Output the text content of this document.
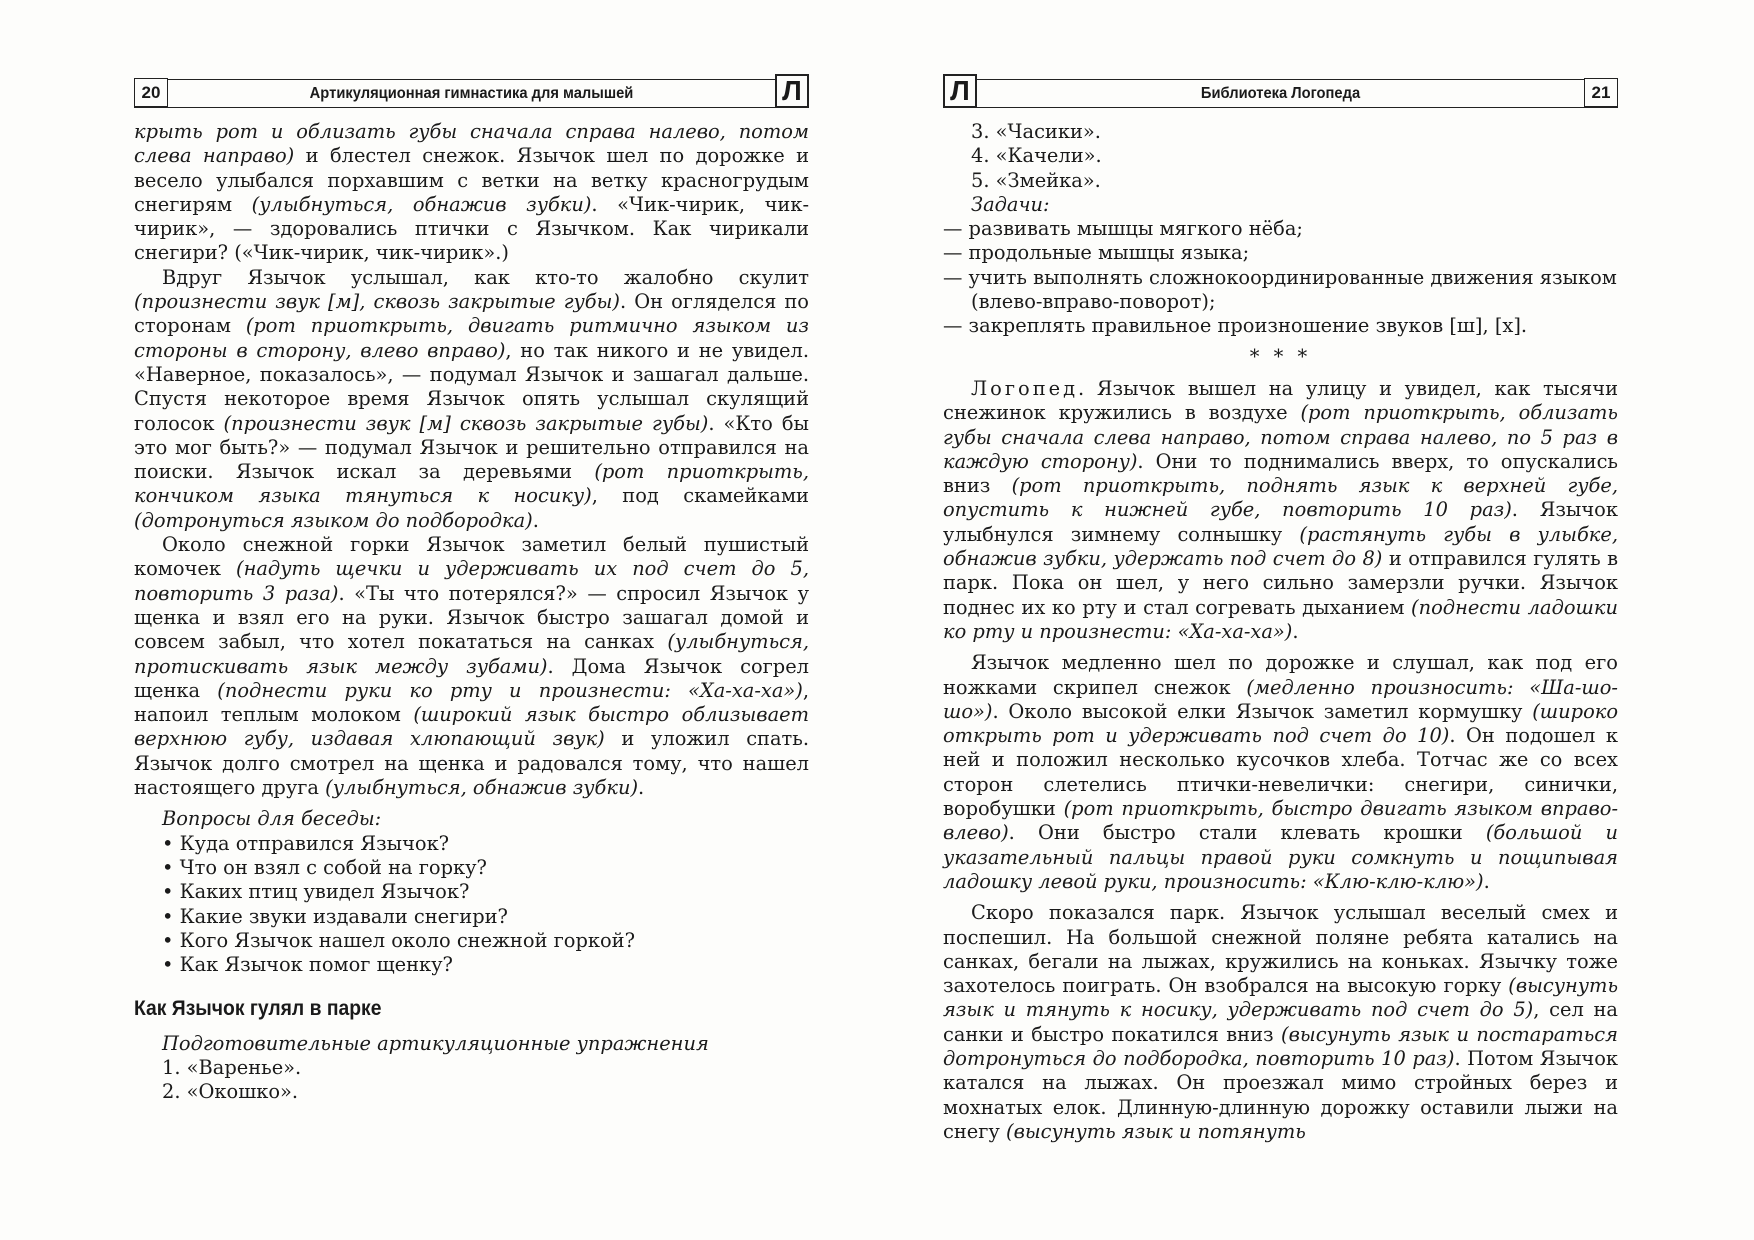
20	Артикуляционная гимнастика для малышей	Л

крыть рот и облизать губы сначала справа налево, потом слева направо) и блестел снежок. Язычок шел по дорожке и весело улыбался порхавшим с ветки на ветку красногрудым снегирям (улыбнуться, обнажив зубки). «Чик-чирик, чик-чирик», — здоровались птички с Язычком. Как чирикали снегири? («Чик-чирик, чик-чирик».)

Вдруг Язычок услышал, как кто-то жалобно скулит (произнести звук [м], сквозь закрытые губы). Он огляделся по сторонам (рот приоткрыть, двигать ритмично языком из стороны в сторону, влево вправо), но так никого и не увидел. «Наверное, показалось», — подумал Язычок и зашагал дальше. Спустя некоторое время Язычок опять услышал скулящий голосок (произнести звук [м] сквозь закрытые губы). «Кто бы это мог быть?» — подумал Язычок и решительно отправился на поиски. Язычок искал за деревьями (рот приоткрыть, кончиком языка тянуться к носику), под скамейками (дотронуться языком до подбородка).

Около снежной горки Язычок заметил белый пушистый комочек (надуть щечки и удерживать их под счет до 5, повторить 3 раза). «Ты что потерялся?» — спросил Язычок у щенка и взял его на руки. Язычок быстро зашагал домой и совсем забыл, что хотел покататься на санках (улыбнуться, протискивать язык между зубами). Дома Язычок согрел щенка (поднести руки ко рту и произнести: «Ха-ха-ха»), напоил теплым молоком (широкий язык быстро облизывает верхнюю губу, издавая хлюпающий звук) и уложил спать. Язычок долго смотрел на щенка и радовался тому, что нашел настоящего друга (улыбнуться, обнажив зубки).

Вопросы для беседы:

• Куда отправился Язычок?
• Что он взял с собой на горку?
• Каких птиц увидел Язычок?
• Какие звуки издавали снегири?
• Кого Язычок нашел около снежной горкой?
• Как Язычок помог щенку?

Как Язычок гулял в парке

Подготовительные артикуляционные упражнения

1. «Варенье».

2. «Окошко».

Л	Библиотека Логопеда	21

3. «Часики».

4. «Качели».

5. «Змейка».

Задачи:

— развивать мышцы мягкого нёба;

— продольные мышцы языка;

— учить выполнять сложнокоординированные движения языком (влево-вправо-поворот);

— закреплять правильное произношение звуков [ш], [х].

* * *

Логопед. Язычок вышел на улицу и увидел, как тысячи снежинок кружились в воздухе (рот приоткрыть, облизать губы сначала слева направо, потом справа налево, по 5 раз в каждую сторону). Они то поднимались вверх, то опускались вниз (рот приоткрыть, поднять язык к верхней губе, опустить к нижней губе, повторить 10 раз). Язычок улыбнулся зимнему солнышку (растянуть губы в улыбке, обнажив зубки, удержать под счет до 8) и отправился гулять в парк. Пока он шел, у него сильно замерзли ручки. Язычок поднес их ко рту и стал согревать дыханием (поднести ладошки ко рту и произнести: «Ха-ха-ха»).

Язычок медленно шел по дорожке и слушал, как под его ножками скрипел снежок (медленно произносить: «Ша-шо-шо»). Около высокой елки Язычок заметил кормушку (широко открыть рот и удерживать под счет до 10). Он подошел к ней и положил несколько кусочков хлеба. Тотчас же со всех сторон слетелись птички-невелички: снегири, синички, воробушки (рот приоткрыть, быстро двигать языком вправо-влево). Они быстро стали клевать крошки (большой и указательный пальцы правой руки сомкнуть и пощипывая ладошку левой руки, произносить: «Клю-клю-клю»).

Скоро показался парк. Язычок услышал веселый смех и поспешил. На большой снежной поляне ребята катались на санках, бегали на лыжах, кружились на коньках. Язычку тоже захотелось поиграть. Он взобрался на высокую горку (высунуть язык и тянуть к носику, удерживать под счет до 5), сел на санки и быстро покатился вниз (высунуть язык и постараться дотронуться до подбородка, повторить 10 раз). Потом Язычок катался на лыжах. Он проезжал мимо стройных берез и мохнатых елок. Длинную-длинную дорожку оставили лыжи на снегу (высунуть язык и потянуть
